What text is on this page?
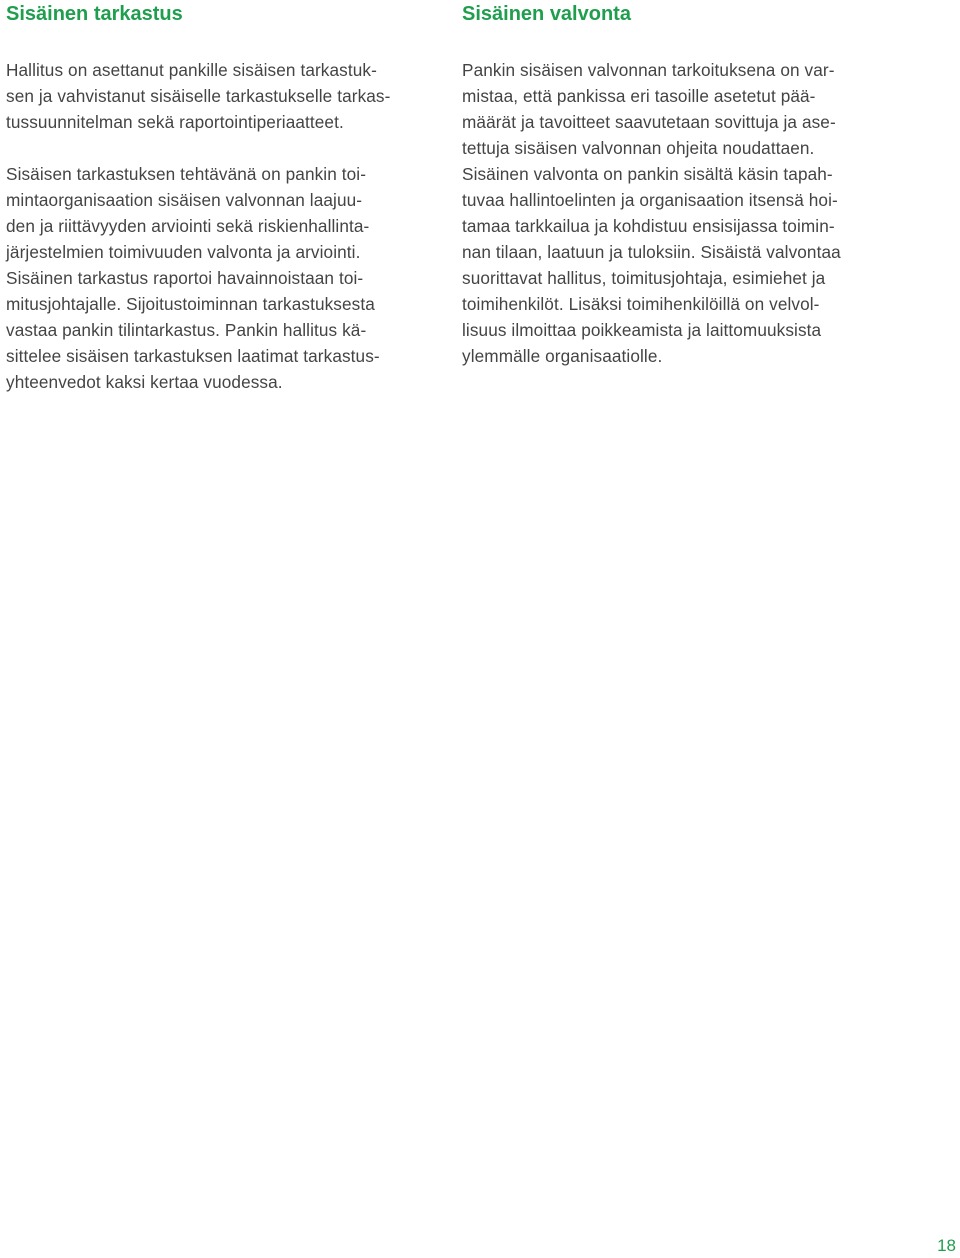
Sisäinen tarkastus
Hallitus on asettanut pankille sisäisen tarkastuk-
sen ja vahvistanut sisäiselle tarkastukselle tarkas-
tussuunnitelman sekä raportointiperiaatteet.
Sisäisen tarkastuksen tehtävänä on pankin toi-
mintaorganisaation sisäisen valvonnan laajuu-
den ja riittävyyden arviointi sekä riskienhallinta-
järjestelmien toimivuuden valvonta ja arviointi.
Sisäinen tarkastus raportoi havainnoistaan toi-
mitusjohtajalle. Sijoitustoiminnan tarkastuksesta
vastaa pankin tilintarkastus. Pankin hallitus kä-
sittelee sisäisen tarkastuksen laatimat tarkastus-
yhteenvedot kaksi kertaa vuodessa.
Sisäinen valvonta
Pankin sisäisen valvonnan tarkoituksena on var-
mistaa, että pankissa eri tasoille asetetut pää-
määrät ja tavoitteet saavutetaan sovittuja ja ase-
tettuja sisäisen valvonnan ohjeita noudattaen.
Sisäinen valvonta on pankin sisältä käsin tapah-
tuvaa hallintoelinten ja organisaation itsensä hoi-
tamaa tarkkailua ja kohdistuu ensisijassa toimin-
nan tilaan, laatuun ja tuloksiin. Sisäistä valvontaa
suorittavat hallitus, toimitusjohtaja, esimiehet ja
toimihenkilöt. Lisäksi toimihenkilöillä on velvol-
lisuus ilmoittaa poikkeamista ja laittomuuksista
ylemmälle organisaatiolle.
18
